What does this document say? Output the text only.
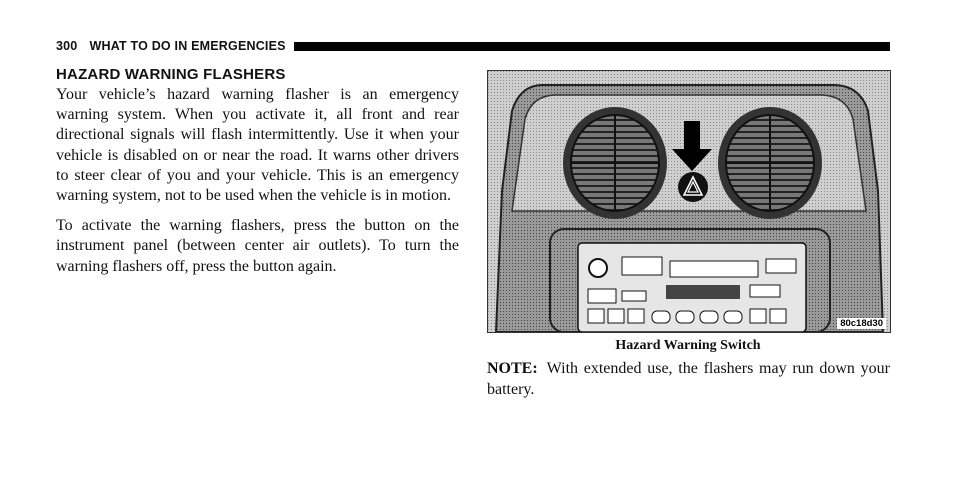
300 WHAT TO DO IN EMERGENCIES
HAZARD WARNING FLASHERS

Your vehicle’s hazard warning flasher is an emergency warning system. When you activate it, all front and rear directional signals will flash intermittently. Use it when your vehicle is disabled on or near the road. It warns other drivers to steer clear of you and your vehicle. This is an emergency warning system, not to be used when the vehicle is in motion.

To activate the warning flashers, press the button on the instrument panel (between center air outlets). To turn the warning flashers off, press the button again.

80c18d30
Hazard Warning Switch
NOTE: With extended use, the flashers may run down your battery.
